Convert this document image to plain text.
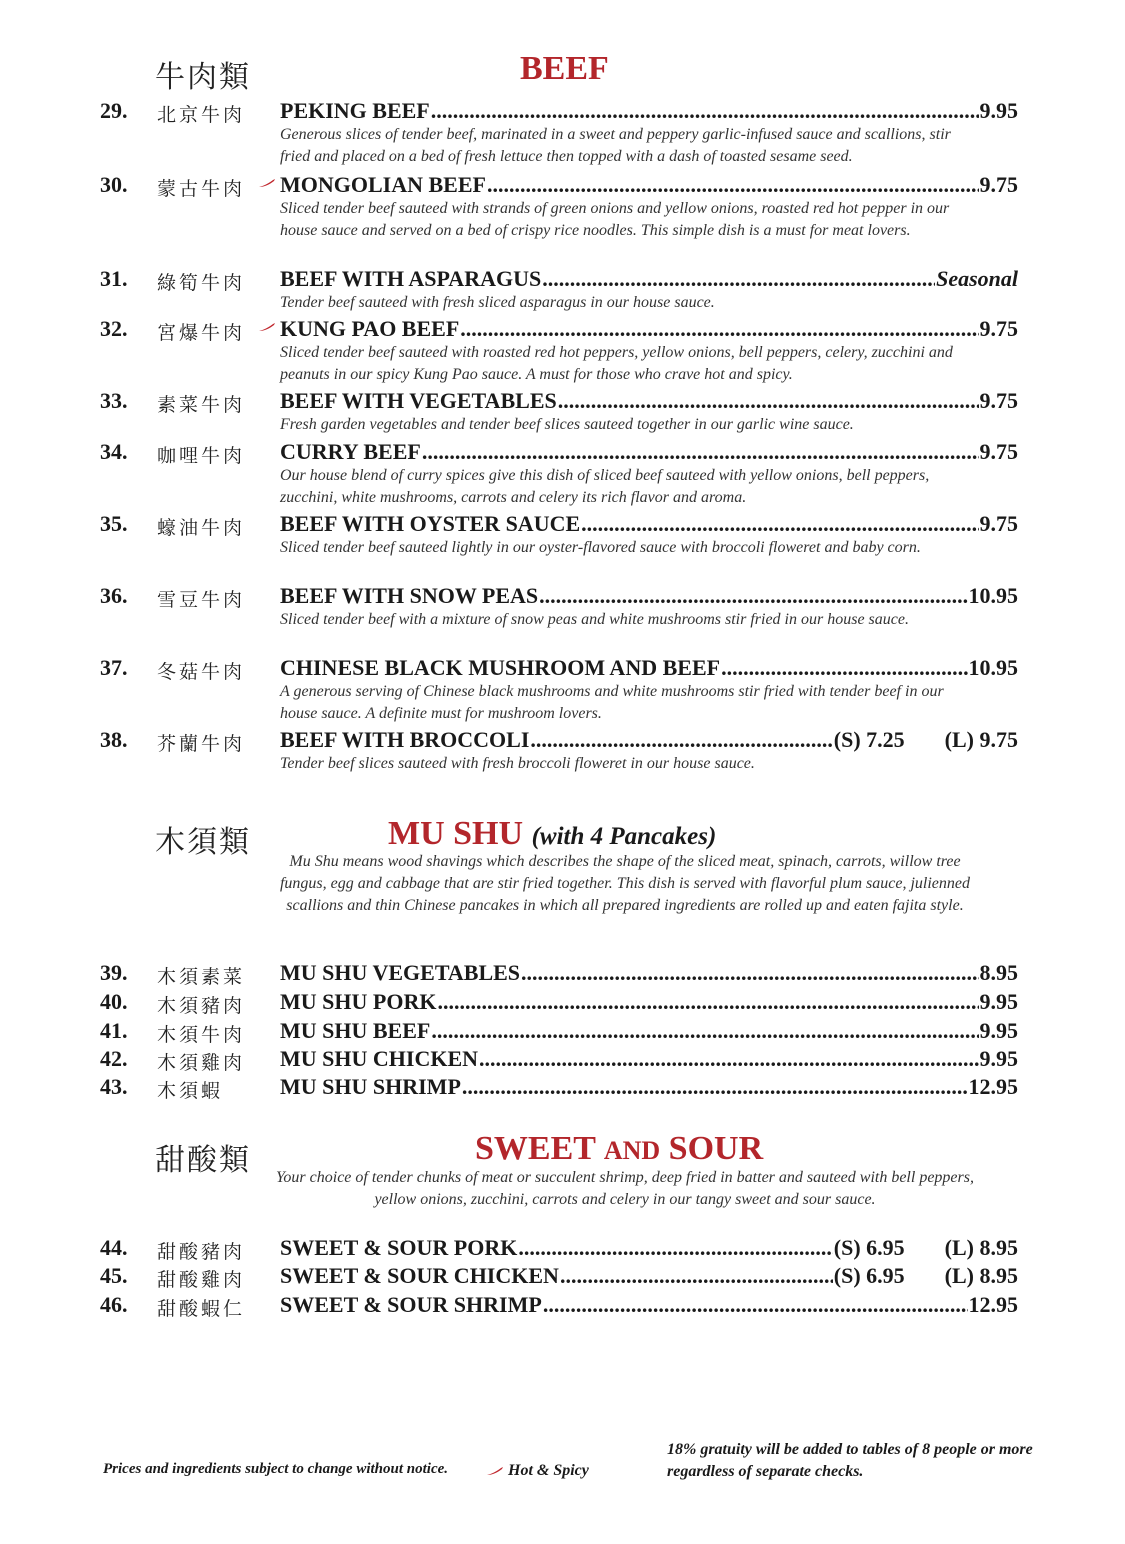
牛肉類	BEEF
29. 北京牛肉 PEKING BEEF .....	9.95
Generous slices of tender beef, marinated in a sweet and peppery garlic-infused sauce and scallions, stir fried and placed on a bed of fresh lettuce then topped with a dash of toasted sesame seed.
30. 蒙古牛肉 MONGOLIAN BEEF .....	9.75
Sliced tender beef sauteed with strands of green onions and yellow onions, roasted red hot pepper in our house sauce and served on a bed of crispy rice noodles. This simple dish is a must for meat lovers.
31. 綠筍牛肉 BEEF WITH ASPARAGUS .....	Seasonal
Tender beef sauteed with fresh sliced asparagus in our house sauce.
32. 宮爆牛肉 KUNG PAO BEEF .....	9.75
Sliced tender beef sauteed with roasted red hot peppers, yellow onions, bell peppers, celery, zucchini and peanuts in our spicy Kung Pao sauce. A must for those who crave hot and spicy.
33. 素菜牛肉 BEEF WITH VEGETABLES .....	9.75
Fresh garden vegetables and tender beef slices sauteed together in our garlic wine sauce.
34. 咖哩牛肉 CURRY BEEF .....	9.75
Our house blend of curry spices give this dish of sliced beef sauteed with yellow onions, bell peppers, zucchini, white mushrooms, carrots and celery its rich flavor and aroma.
35. 蠔油牛肉 BEEF WITH OYSTER SAUCE .....	9.75
Sliced tender beef sauteed lightly in our oyster-flavored sauce with broccoli floweret and baby corn.
36. 雪豆牛肉 BEEF WITH SNOW PEAS .....	10.95
Sliced tender beef with a mixture of snow peas and white mushrooms stir fried in our house sauce.
37. 冬菇牛肉 CHINESE BLACK MUSHROOM AND BEEF .....	10.95
A generous serving of Chinese black mushrooms and white mushrooms stir fried with tender beef in our house sauce. A definite must for mushroom lovers.
38. 芥蘭牛肉 BEEF WITH BROCCOLI .....	(S) 7.25 (L) 9.75
Tender beef slices sauteed with fresh broccoli floweret in our house sauce.
木須類	MU SHU (with 4 Pancakes)
Mu Shu means wood shavings which describes the shape of the sliced meat, spinach, carrots, willow tree fungus, egg and cabbage that are stir fried together. This dish is served with flavorful plum sauce, julienned scallions and thin Chinese pancakes in which all prepared ingredients are rolled up and eaten fajita style.
39. 木須素菜 MU SHU VEGETABLES .....	8.95
40. 木須豬肉 MU SHU PORK .....	9.95
41. 木須牛肉 MU SHU BEEF .....	9.95
42. 木須雞肉 MU SHU CHICKEN .....	9.95
43. 木須蝦	MU SHU SHRIMP .....	12.95
甜酸類	SWEET AND SOUR
Your choice of tender chunks of meat or succulent shrimp, deep fried in batter and sauteed with bell peppers, yellow onions, zucchini, carrots and celery in our tangy sweet and sour sauce.
44. 甜酸豬肉 SWEET & SOUR PORK .....	(S) 6.95 (L) 8.95
45. 甜酸雞肉 SWEET & SOUR CHICKEN .....	(S) 6.95 (L) 8.95
46. 甜酸蝦仁 SWEET & SOUR SHRIMP .....	12.95
Prices and ingredients subject to change without notice.	Hot & Spicy
18% gratuity will be added to tables of 8 people or more regardless of separate checks.
